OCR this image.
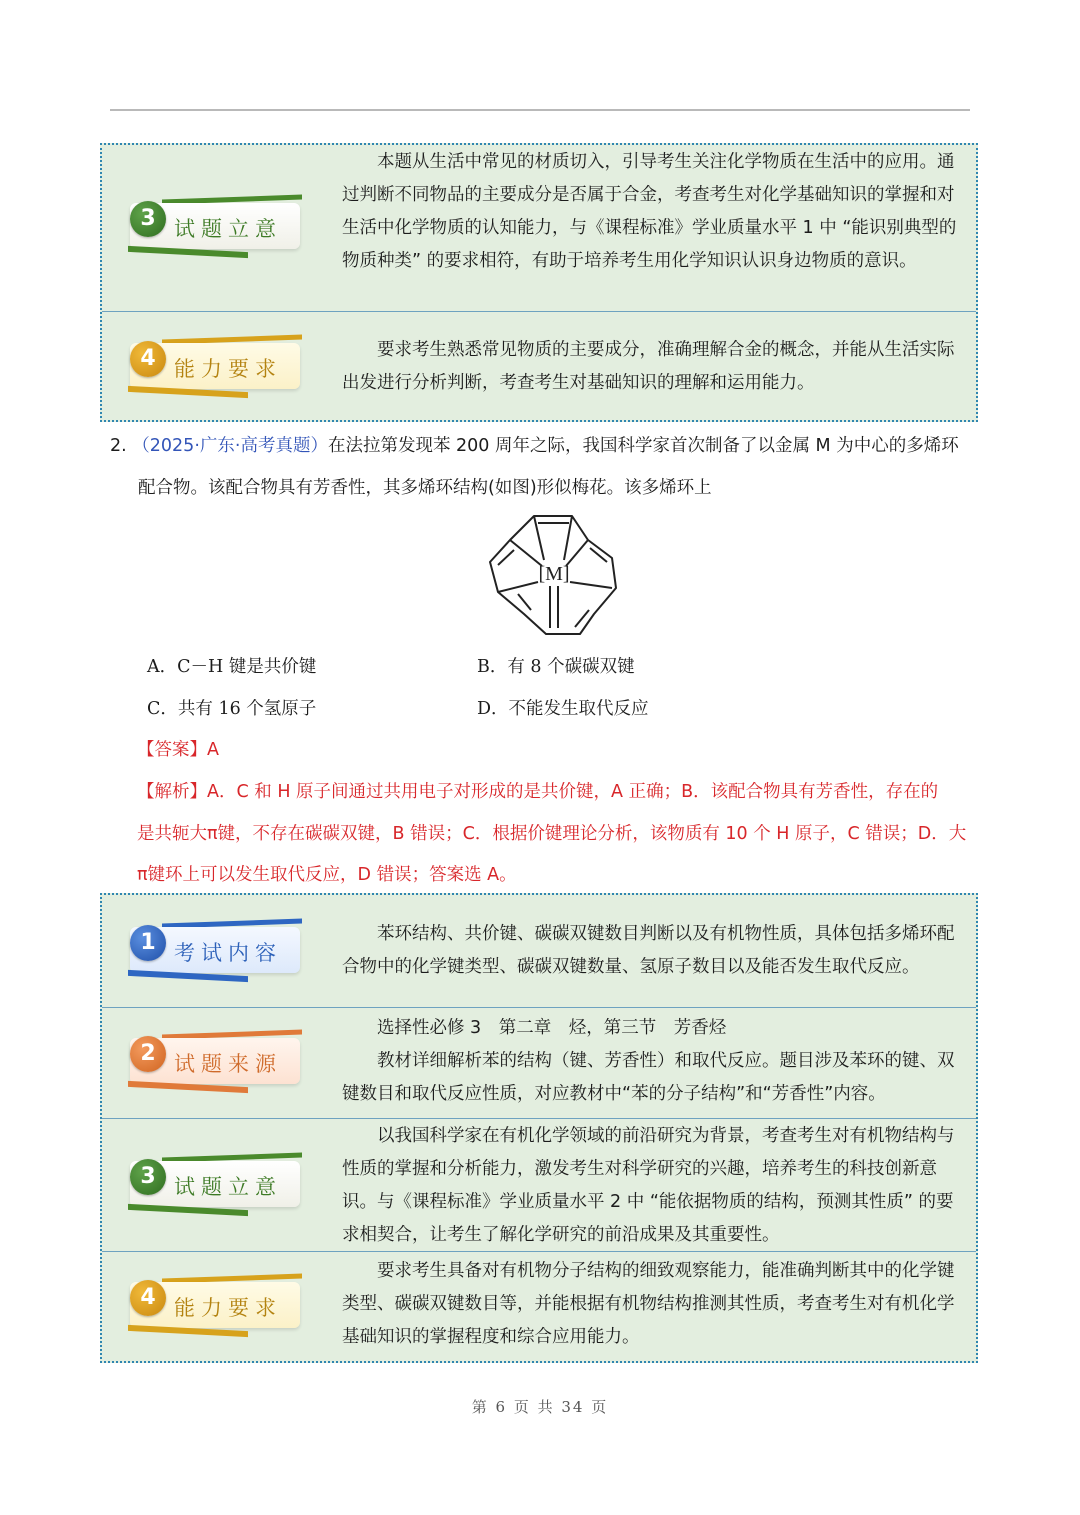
3 试题立意

本题从生活中常见的材质切入，引导考生关注化学物质在生活中的应用。通过判断不同物品的主要成分是否属于合金，考查考生对化学基础知识的掌握和对生活中化学物质的认知能力，与《课程标准》学业质量水平 1 中 “能识别典型的物质种类” 的要求相符，有助于培养考生用化学知识认识身边物质的意识。

4 能力要求

要求考生熟悉常见物质的主要成分，准确理解合金的概念，并能从生活实际出发进行分析判断，考查考生对基础知识的理解和运用能力。

2. （2025·广东·高考真题）在法拉第发现苯 200 周年之际，我国科学家首次制备了以金属 M 为中心的多烯环
配合物。该配合物具有芳香性，其多烯环结构(如图)形似梅花。该多烯环上
[M]
A．C－H 键是共价键	B．有 8 个碳碳双键
C．共有 16 个氢原子	D．不能发生取代反应
【答案】A
【解析】A．C 和 H 原子间通过共用电子对形成的是共价键，A 正确；B．该配合物具有芳香性，存在的
是共轭大π键，不存在碳碳双键，B 错误；C．根据价键理论分析，该物质有 10 个 H 原子，C 错误；D．大
π键环上可以发生取代反应，D 错误；答案选 A。
1 考试内容

苯环结构、共价键、碳碳双键数目判断以及有机物性质，具体包括多烯环配合物中的化学键类型、碳碳双键数量、氢原子数目以及能否发生取代反应。

2 试题来源

选择性必修 3　第二章　烃，第三节　芳香烃

教材详细解析苯的结构（键、芳香性）和取代反应。题目涉及苯环的键、双键数目和取代反应性质，对应教材中“苯的分子结构”和“芳香性”内容。

3 试题立意

以我国科学家在有机化学领域的前沿研究为背景，考查考生对有机物结构与性质的掌握和分析能力，激发考生对科学研究的兴趣，培养考生的科技创新意识。与《课程标准》学业质量水平 2 中 “能依据物质的结构，预测其性质” 的要求相契合，让考生了解化学研究的前沿成果及其重要性。

4 能力要求

要求考生具备对有机物分子结构的细致观察能力，能准确判断其中的化学键类型、碳碳双键数目等，并能根据有机物结构推测其性质，考查考生对有机化学基础知识的掌握程度和综合应用能力。

第 6 页 共 34 页
